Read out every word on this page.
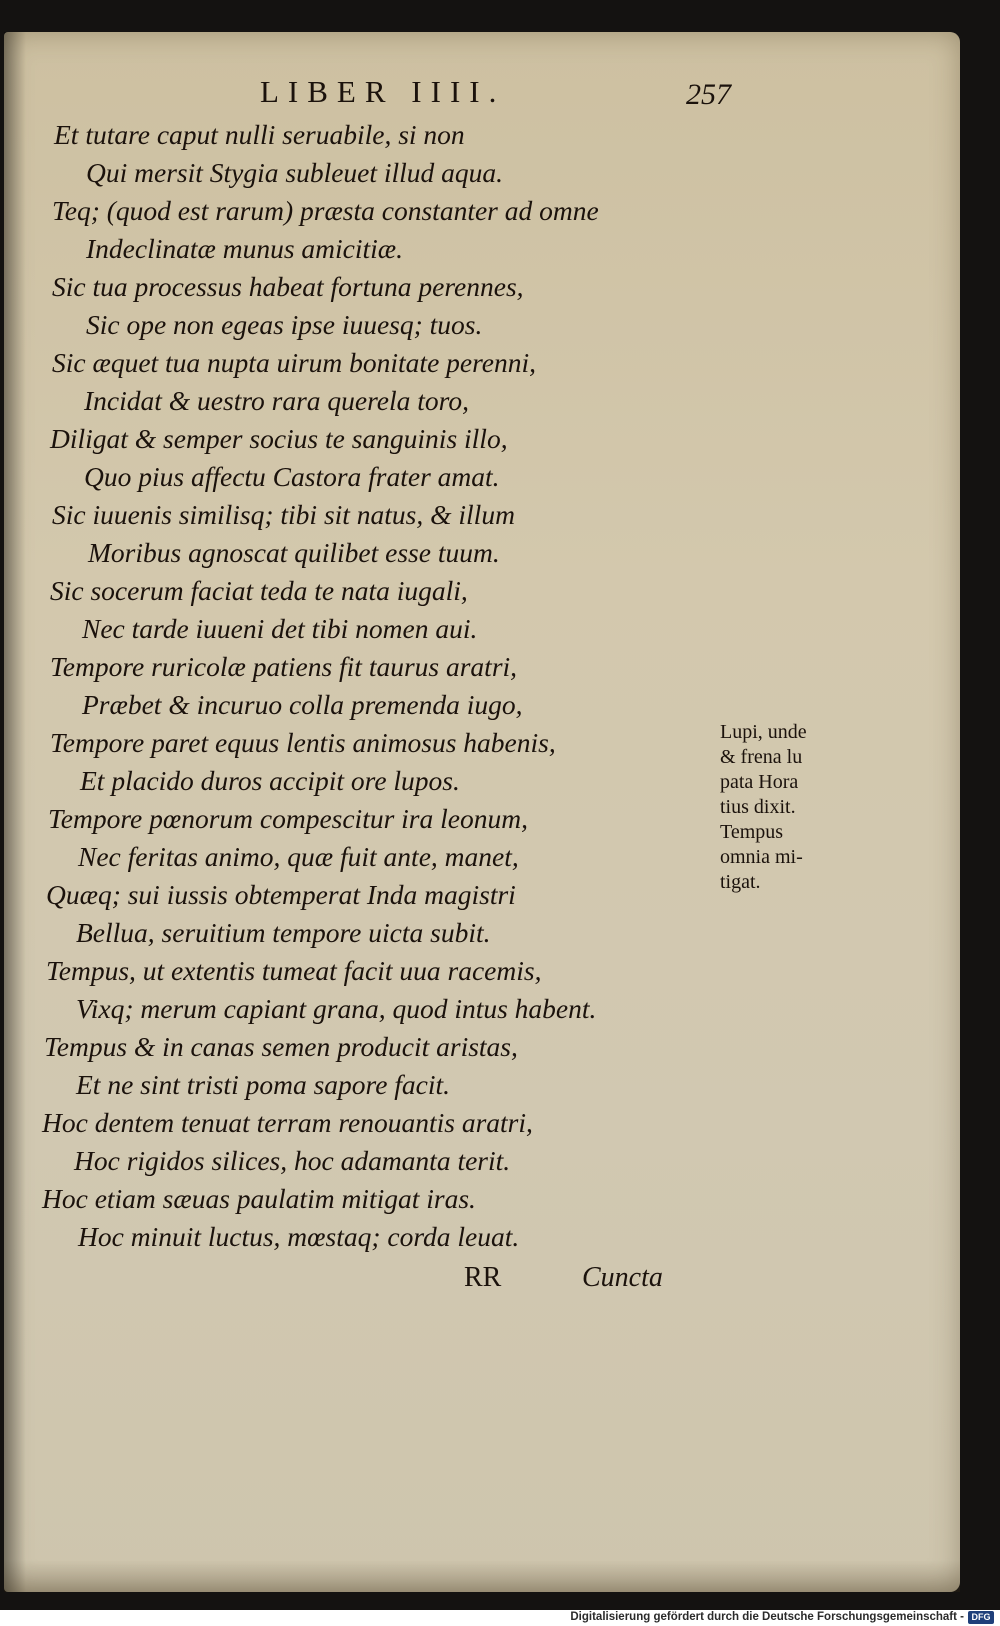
LIBER IIII.	257
Et tutare caput nulli seruabile, si non
Qui mersit Stygia subleuet illud aqua.
Teq; (quod est rarum) præsta constanter ad omne
Indeclinatæ munus amicitiæ.
Sic tua processus habeat fortuna perennes,
Sic ope non egeas ipse iuuesq; tuos.
Sic æquet tua nupta uirum bonitate perenni,
Incidat & uestro rara querela toro,
Diligat & semper socius te sanguinis illo,
Quo pius affectu Castora frater amat.
Sic iuuenis similisq; tibi sit natus, & illum
Moribus agnoscat quilibet esse tuum.
Sic socerum faciat teda te nata iugali,
Nec tarde iuueni det tibi nomen aui.
Tempore ruricolæ patiens fit taurus aratri,
Præbet & incuruo colla premenda iugo,
Tempore paret equus lentis animosus habenis,
Et placido duros accipit ore lupos.
Tempore pœnorum compescitur ira leonum,
Nec feritas animo, quæ fuit ante, manet,
Quæq; sui iussis obtemperat Inda magistri
Bellua, seruitium tempore uicta subit.
Tempus, ut extentis tumeat facit uua racemis,
Vixq; merum capiant grana, quod intus habent.
Tempus & in canas semen producit aristas,
Et ne sint tristi poma sapore facit.
Hoc dentem tenuat terram renouantis aratri,
Hoc rigidos silices, hoc adamanta terit.
Hoc etiam sæuas paulatim mitigat iras.
Hoc minuit luctus, mœstaq; corda leuat.
Lupi, unde
& frena lu
pata Hora
tius dixit.
Tempus
omnia mi-
tigat.
RR	Cuncta
Digitalisierung gefördert durch die Deutsche Forschungsgemeinschaft - DFG
